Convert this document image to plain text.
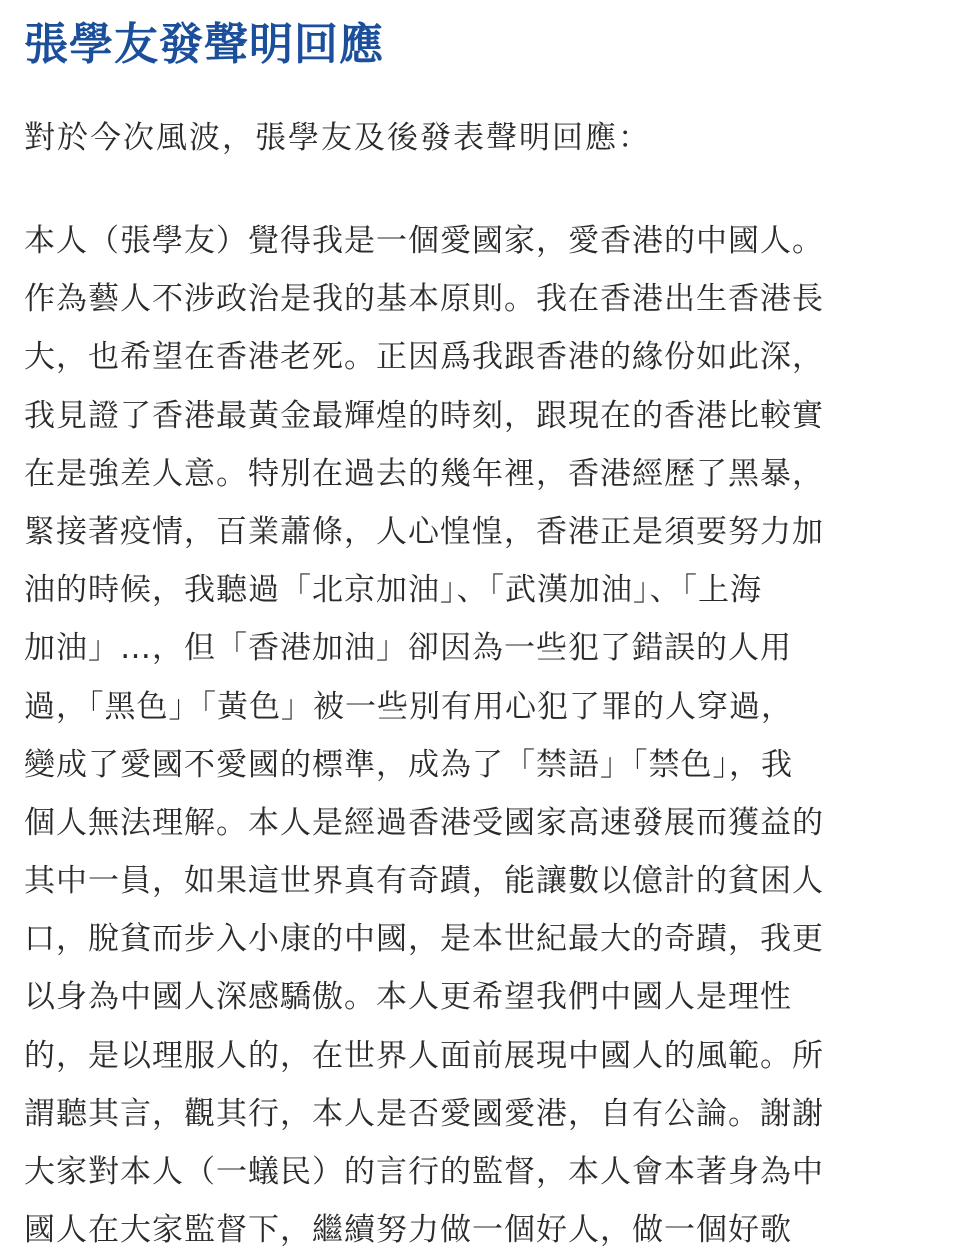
張學友發聲明回應

對於今次風波，張學友及後發表聲明回應：

本人（張學友）覺得我是一個愛國家，愛香港的中國人。
作為藝人不涉政治是我的基本原則。我在香港出生香港長
大，也希望在香港老死。正因爲我跟香港的緣份如此深，
我見證了香港最黃金最輝煌的時刻，跟現在的香港比較實
在是強差人意。特別在過去的幾年裡，香港經歷了黑暴，
緊接著疫情，百業蕭條，人心惶惶，香港正是須要努力加
油的時候，我聽過「北京加油」、「武漢加油」、「上海
加油」…，但「香港加油」卻因為一些犯了錯誤的人用
過，「黑色」「黃色」被一些別有用心犯了罪的人穿過，
變成了愛國不愛國的標準，成為了「禁語」「禁色」，我
個人無法理解。本人是經過香港受國家高速發展而獲益的
其中一員，如果這世界真有奇蹟，能讓數以億計的貧困人
口，脫貧而步入小康的中國，是本世紀最大的奇蹟，我更
以身為中國人深感驕傲。本人更希望我們中國人是理性
的，是以理服人的，在世界人面前展現中國人的風範。所
謂聽其言，觀其行，本人是否愛國愛港，自有公論。謝謝
大家對本人（一蟻民）的言行的監督，本人會本著身為中
國人在大家監督下，繼續努力做一個好人，做一個好歌
